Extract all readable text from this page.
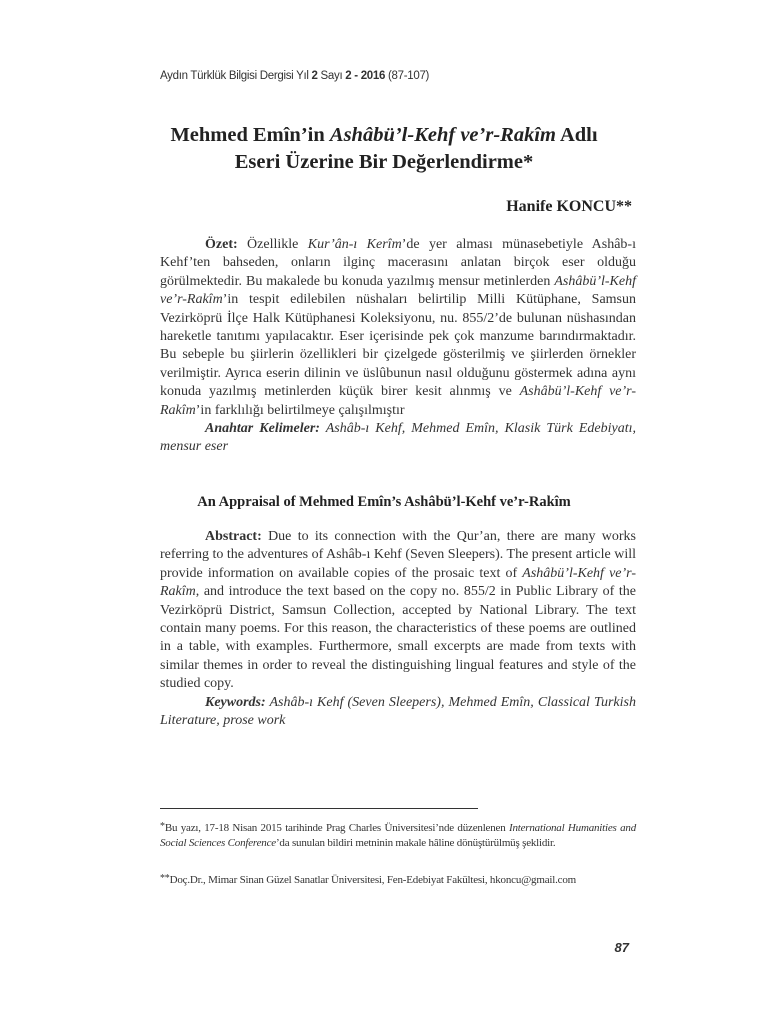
Aydın Türklük Bilgisi Dergisi Yıl 2 Sayı 2 - 2016 (87-107)
Mehmed Emîn’in Ashâbü’l-Kehf ve’r-Rakîm Adlı
Eseri Üzerine Bir Değerlendirme*
Hanife KONCU**

Özet: Özellikle Kur’ân-ı Kerîm’de yer alması münasebetiyle Ashâb-ı Kehf’ten bahseden, onların ilginç macerasını anlatan birçok eser olduğu görülmektedir. Bu makalede bu konuda yazılmış mensur metinlerden Ashâbü’l-Kehf ve’r-Rakîm’in tespit edilebilen nüshaları belirtilip Milli Kütüphane, Samsun Vezirköprü İlçe Halk Kütüphanesi Koleksiyonu, nu. 855/2’de bulunan nüshasından hareketle tanıtımı yapılacaktır. Eser içerisinde pek çok manzume barındırmaktadır. Bu sebeple bu şiirlerin özellikleri bir çizelgede gösterilmiş ve şiirlerden örnekler verilmiştir. Ayrıca eserin dilinin ve üslûbunun nasıl olduğunu göstermek adına aynı konuda yazılmış metinlerden küçük birer kesit alınmış ve Ashâbü’l-Kehf ve’r-Rakîm’in farklılığı belirtilmeye çalışılmıştır

Anahtar Kelimeler: Ashâb-ı Kehf, Mehmed Emîn, Klasik Türk Edebiyatı, mensur eser

An Appraisal of Mehmed Emîn’s Ashâbü’l-Kehf ve’r-Rakîm

Abstract: Due to its connection with the Qur’an, there are many works referring to the adventures of Ashâb-ı Kehf (Seven Sleepers). The present article will provide information on available copies of the prosaic text of Ashâbü’l-Kehf ve’r-Rakîm, and introduce the text based on the copy no. 855/2 in Public Library of the Vezirköprü District, Samsun Collection, accepted by National Library. The text contain many poems. For this reason, the characteristics of these poems are outlined in a table, with examples. Furthermore, small excerpts are made from texts with similar themes in order to reveal the distinguishing lingual features and style of the studied copy.

Keywords: Ashâb-ı Kehf (Seven Sleepers), Mehmed Emîn, Classical Turkish Literature, prose work

*Bu yazı, 17-18 Nisan 2015 tarihinde Prag Charles Üniversitesi’nde düzenlenen International Humanities and Social Sciences Conference’da sunulan bildiri metninin makale hâline dönüştürülmüş şeklidir.
**Doç.Dr., Mimar Sinan Güzel Sanatlar Üniversitesi, Fen-Edebiyat Fakültesi, hkoncu@gmail.com
87
